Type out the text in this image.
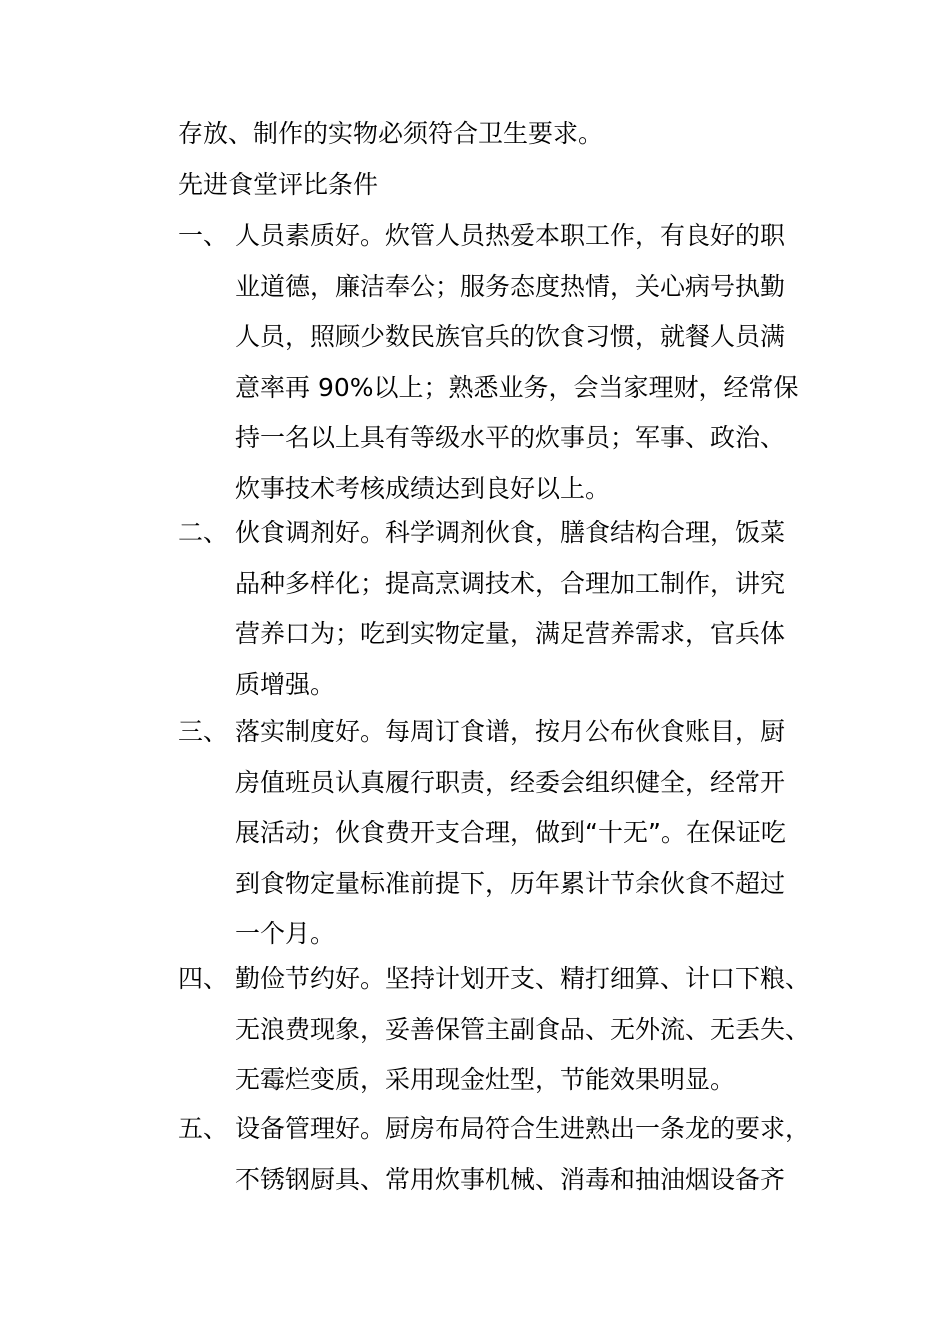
存放、制作的实物必须符合卫生要求。
先进食堂评比条件
一、 人员素质好。炊管人员热爱本职工作，有良好的职
业道德，廉洁奉公；服务态度热情，关心病号执勤
人员，照顾少数民族官兵的饮食习惯，就餐人员满
意率再 90%以上；熟悉业务，会当家理财，经常保
持一名以上具有等级水平的炊事员；军事、政治、
炊事技术考核成绩达到良好以上。
二、 伙食调剂好。科学调剂伙食，膳食结构合理，饭菜
品种多样化；提高烹调技术，合理加工制作，讲究
营养口为；吃到实物定量，满足营养需求，官兵体
质增强。
三、 落实制度好。每周订食谱，按月公布伙食账目，厨
房值班员认真履行职责，经委会组织健全，经常开
展活动；伙食费开支合理，做到“十无”。在保证吃
到食物定量标准前提下，历年累计节余伙食不超过
一个月。
四、 勤俭节约好。坚持计划开支、精打细算、计口下粮、
无浪费现象，妥善保管主副食品、无外流、无丢失、
无霉烂变质，采用现金灶型，节能效果明显。
五、 设备管理好。厨房布局符合生进熟出一条龙的要求，
不锈钢厨具、常用炊事机械、消毒和抽油烟设备齐
